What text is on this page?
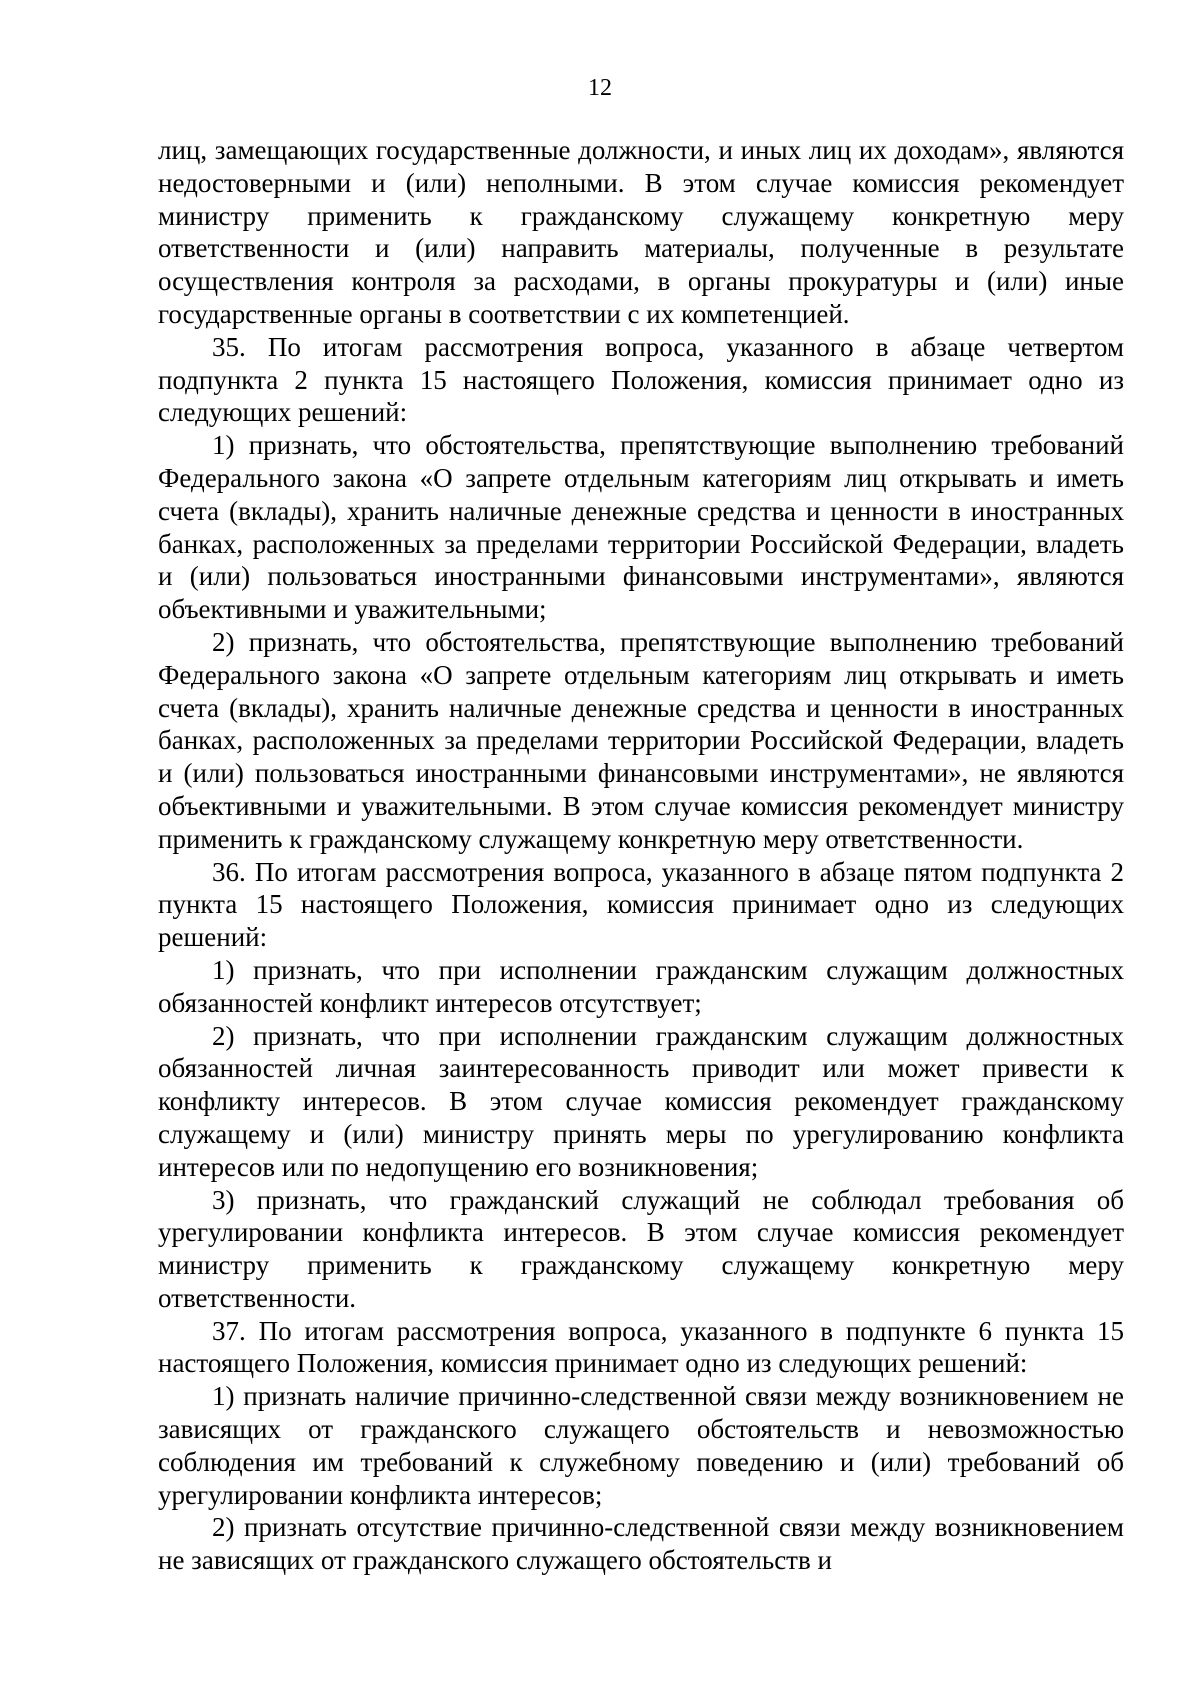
12

лиц, замещающих государственные должности, и иных лиц их доходам», являются недостоверными и (или) неполными. В этом случае комиссия рекомендует министру применить к гражданскому служащему конкретную меру ответственности и (или) направить материалы, полученные в результате осуществления контроля за расходами, в органы прокуратуры и (или) иные государственные органы в соответствии с их компетенцией.

35. По итогам рассмотрения вопроса, указанного в абзаце четвертом подпункта 2 пункта 15 настоящего Положения, комиссия принимает одно из следующих решений:

1) признать, что обстоятельства, препятствующие выполнению требований Федерального закона «О запрете отдельным категориям лиц открывать и иметь счета (вклады), хранить наличные денежные средства и ценности в иностранных банках, расположенных за пределами территории Российской Федерации, владеть и (или) пользоваться иностранными финансовыми инструментами», являются объективными и уважительными;

2) признать, что обстоятельства, препятствующие выполнению требований Федерального закона «О запрете отдельным категориям лиц открывать и иметь счета (вклады), хранить наличные денежные средства и ценности в иностранных банках, расположенных за пределами территории Российской Федерации, владеть и (или) пользоваться иностранными финансовыми инструментами», не являются объективными и уважительными. В этом случае комиссия рекомендует министру применить к гражданскому служащему конкретную меру ответственности.

36. По итогам рассмотрения вопроса, указанного в абзаце пятом подпункта 2 пункта 15 настоящего Положения, комиссия принимает одно из следующих решений:

1) признать, что при исполнении гражданским служащим должностных обязанностей конфликт интересов отсутствует;

2) признать, что при исполнении гражданским служащим должностных обязанностей личная заинтересованность приводит или может привести к конфликту интересов. В этом случае комиссия рекомендует гражданскому служащему и (или) министру принять меры по урегулированию конфликта интересов или по недопущению его возникновения;

3) признать, что гражданский служащий не соблюдал требования об урегулировании конфликта интересов. В этом случае комиссия рекомендует министру применить к гражданскому служащему конкретную меру ответственности.

37. По итогам рассмотрения вопроса, указанного в подпункте 6 пункта 15 настоящего Положения, комиссия принимает одно из следующих решений:

1) признать наличие причинно-следственной связи между возникновением не зависящих от гражданского служащего обстоятельств и невозможностью соблюдения им требований к служебному поведению и (или) требований об урегулировании конфликта интересов;

2) признать отсутствие причинно-следственной связи между возникновением не зависящих от гражданского служащего обстоятельств и
